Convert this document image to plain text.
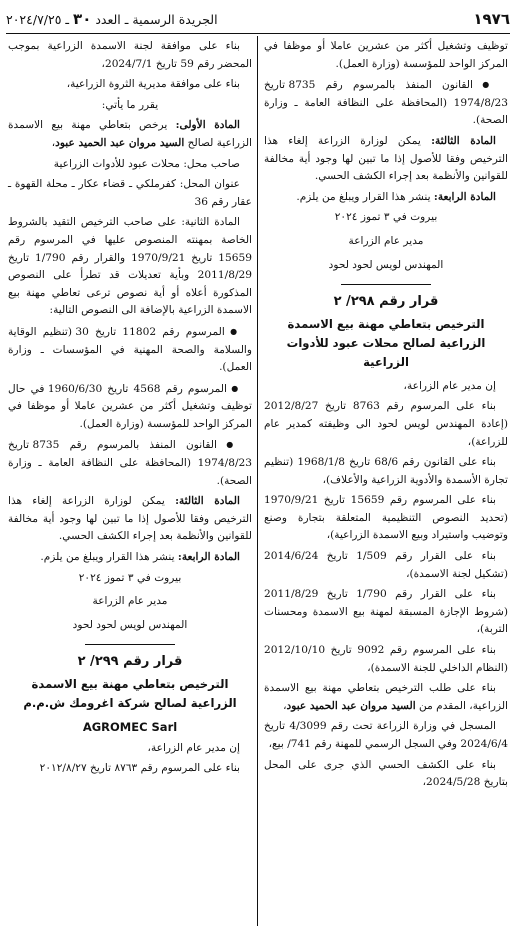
١٩٧٦
الجريدة الرسمية ـ العدد ٣٠ ـ ٢٠٢٤/٧/٢٥

توظيف وتشغيل أكثر من عشرين عاملا أو موظفا في المركز الواحد للمؤسسة (وزارة العمل).

● القانون المنفذ بالمرسوم رقم 8735 تاريخ 1974/8/23 (المحافظة على النظافة العامة ـ وزارة الصحة).

المادة الثالثة: يمكن لوزارة الزراعة إلغاء هذا الترخيص وفقا للأصول إذا ما تبين لها وجود أية مخالفة للقوانين والأنظمة بعد إجراء الكشف الحسي.

المادة الرابعة: ينشر هذا القرار ويبلغ من يلزم.

بيروت في ٣ تموز ٢٠٢٤

مدير عام الزراعة

المهندس لويس لحود لحود

قرار رقم ٢٩٨/ ٢
الترخيص بتعاطي مهنة بيع الاسمدة الزراعية لصالح محلات عبود للأدوات الزراعية

إن مدير عام الزراعة،

بناء على المرسوم رقم 8763 تاريخ 2012/8/27 (إعادة المهندس لويس لحود الى وظيفته كمدير عام للزراعة)،

بناء على القانون رقم 68/6 تاريخ 1968/1/8 (تنظيم تجارة الأسمدة والأدوية الزراعية والأعلاف)،

بناء على المرسوم رقم 15659 تاريخ 1970/9/21 (تحديد النصوص التنظيمية المتعلقة بتجارة وصنع وتوضيب واستيراد وبيع الاسمدة الزراعية)،

بناء على القرار رقم 1/509 تاريخ 2014/6/24 (تشكيل لجنة الاسمدة)،

بناء على القرار رقم 1/790 تاريخ 2011/8/29 (شروط الإجازة المسبقة لمهنة بيع الاسمدة ومحسنات التربة)،

بناء على المرسوم رقم 9092 تاريخ 2012/10/10 (النظام الداخلي للجنة الاسمدة)،

بناء على طلب الترخيص بتعاطي مهنة بيع الاسمدة الزراعية، المقدم من السيد مروان عبد الحميد عبود،

المسجل في وزارة الزراعة تحت رقم 4/3099 تاريخ 2024/6/4 وفي السجل الرسمي للمهنة رقم 741/ بيع،

بناء على الكشف الحسي الذي جرى على المحل بتاريخ 2024/5/28،

بناء على موافقة لجنة الاسمدة الزراعية بموجب المحضر رقم 59 تاريخ 2024/7/1،

بناء على موافقة مديرية الثروة الزراعية،

يقرر ما يأتي:

المادة الأولى: يرخص بتعاطي مهنة بيع الاسمدة الزراعية لصالح السيد مروان عبد الحميد عبود،

صاحب محل: محلات عبود للأدوات الزراعية

عنوان المحل: كفرملكي ـ قضاء عكار ـ محلة القهوة ـ عقار رقم 36

المادة الثانية: على صاحب الترخيص التقيد بالشروط الخاصة بمهنته المنصوص عليها في المرسوم رقم 15659 تاريخ 1970/9/21 والقرار رقم 1/790 تاريخ 2011/8/29 وبأية تعديلات قد تطرأ على النصوص المذكورة أعلاه أو أية نصوص ترعى تعاطي مهنة بيع الاسمدة الزراعية بالإضافة الى النصوص التالية:

● المرسوم رقم 11802 تاريخ 30 (تنظيم الوقاية والسلامة والصحة المهنية في المؤسسات ـ وزارة العمل).

● المرسوم رقم 4568 تاريخ 1960/6/30 في حال توظيف وتشغيل أكثر من عشرين عاملا أو موظفا في المركز الواحد للمؤسسة (وزارة العمل).

● القانون المنفذ بالمرسوم رقم 8735 تاريخ 1974/8/23 (المحافظة على النظافة العامة ـ وزارة الصحة).

المادة الثالثة: يمكن لوزارة الزراعة إلغاء هذا الترخيص وفقا للأصول إذا ما تبين لها وجود أية مخالفة للقوانين والأنظمة بعد إجراء الكشف الحسي.

المادة الرابعة: ينشر هذا القرار ويبلغ من يلزم.

بيروت في ٣ تموز ٢٠٢٤

مدير عام الزراعة

المهندس لويس لحود لحود

قرار رقم ٢٩٩/ ٢
الترخيص بتعاطي مهنة بيع الاسمدة الزراعية لصالح شركة اغرومك ش.م.م

AGROMEC Sarl

إن مدير عام الزراعة،

بناء على المرسوم رقم ٨٧٦٣ تاريخ ٢٠١٢/٨/٢٧
